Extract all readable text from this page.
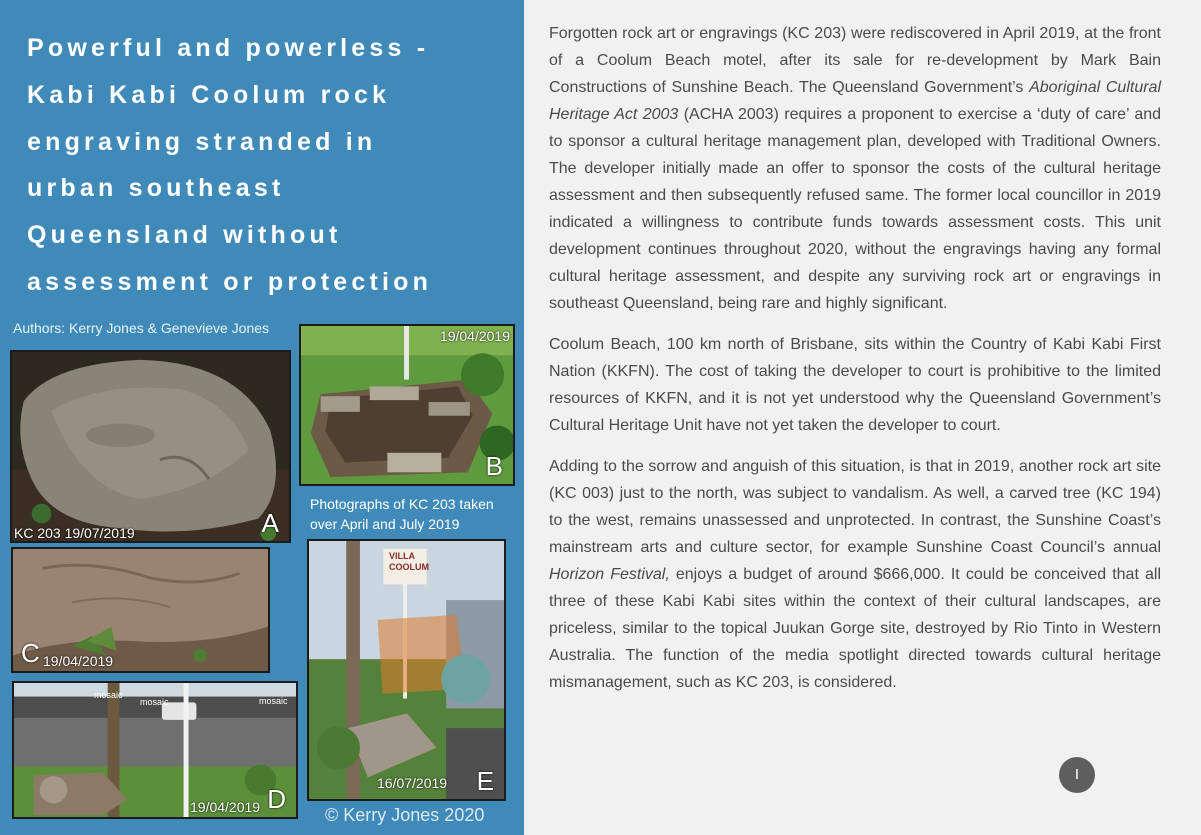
Powerful and powerless -
Kabi Kabi Coolum rock
engraving stranded in
urban southeast
Queensland without
assessment or protection
Authors: Kerry Jones & Genevieve Jones
KC 203 19/07/2019	A
19/04/2019
B
19/04/2019
C
mosaic
mosaic	mosaic
19/04/2019 D
Photographs of KC 203 taken over April and July 2019
VILLA
COOLUM
16/07/2019 E
© Kerry Jones 2020

Forgotten rock art or engravings (KC 203) were rediscovered in April 2019, at the front of a Coolum Beach motel, after its sale for re-development by Mark Bain Constructions of Sunshine Beach. The Queensland Government’s Aboriginal Cultural Heritage Act 2003 (ACHA 2003) requires a proponent to exercise a ‘duty of care’ and to sponsor a cultural heritage management plan, developed with Traditional Owners. The developer initially made an offer to sponsor the costs of the cultural heritage assessment and then subsequently refused same. The former local councillor in 2019 indicated a willingness to contribute funds towards assessment costs. This unit development continues throughout 2020, without the engravings having any formal cultural heritage assessment, and despite any surviving rock art or engravings in southeast Queensland, being rare and highly significant.

Coolum Beach, 100 km north of Brisbane, sits within the Country of Kabi Kabi First Nation (KKFN). The cost of taking the developer to court is prohibitive to the limited resources of KKFN, and it is not yet understood why the Queensland Government’s Cultural Heritage Unit have not yet taken the developer to court.

Adding to the sorrow and anguish of this situation, is that in 2019, another rock art site (KC 003) just to the north, was subject to vandalism. As well, a carved tree (KC 194) to the west, remains unassessed and unprotected. In contrast, the Sunshine Coast’s mainstream arts and culture sector, for example Sunshine Coast Council’s annual Horizon Festival, enjoys a budget of around $666,000. It could be conceived that all three of these Kabi Kabi sites within the context of their cultural landscapes, are priceless, similar to the topical Juukan Gorge site, destroyed by Rio Tinto in Western Australia. The function of the media spotlight directed towards cultural heritage mismanagement, such as KC 203, is considered.

I
